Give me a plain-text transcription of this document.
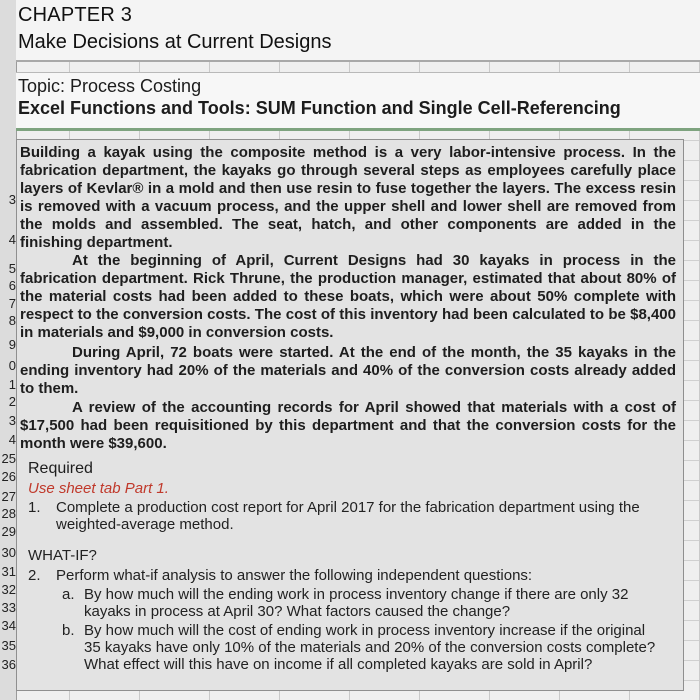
CHAPTER 3
Make Decisions at Current Designs
Topic: Process Costing
Excel Functions and Tools: SUM Function and Single Cell-Referencing
3
4
5
6
7
8
9
0
1
2
3
4
25
26
27
28
29
30
31
32
33
34
35
36
Building a kayak using the composite method is a very labor-intensive process. In the fabrication department, the kayaks go through several steps as employees carefully place layers of Kevlar® in a mold and then use resin to fuse together the layers. The excess resin is removed with a vacuum process, and the upper shell and lower shell are removed from the molds and assembled. The seat, hatch, and other components are added in the finishing department.
At the beginning of April, Current Designs had 30 kayaks in process in the fabrication department. Rick Thrune, the production manager, estimated that about 80% of the material costs had been added to these boats, which were about 50% complete with respect to the conversion costs. The cost of this inventory had been calculated to be $8,400 in materials and $9,000 in conversion costs.
During April, 72 boats were started. At the end of the month, the 35 kayaks in the ending inventory had 20% of the materials and 40% of the conversion costs already added to them.
A review of the accounting records for April showed that materials with a cost of $17,500 had been requisitioned by this department and that the conversion costs for the month were $39,600.
Required
Use sheet tab Part 1.
1. Complete a production cost report for April 2017 for the fabrication department using the weighted-average method.
WHAT-IF?
2. Perform what-if analysis to answer the following independent questions:
a. By how much will the ending work in process inventory change if there are only 32 kayaks in process at April 30? What factors caused the change?
b. By how much will the cost of ending work in process inventory increase if the original 35 kayaks have only 10% of the materials and 20% of the conversion costs complete? What effect will this have on income if all completed kayaks are sold in April?
